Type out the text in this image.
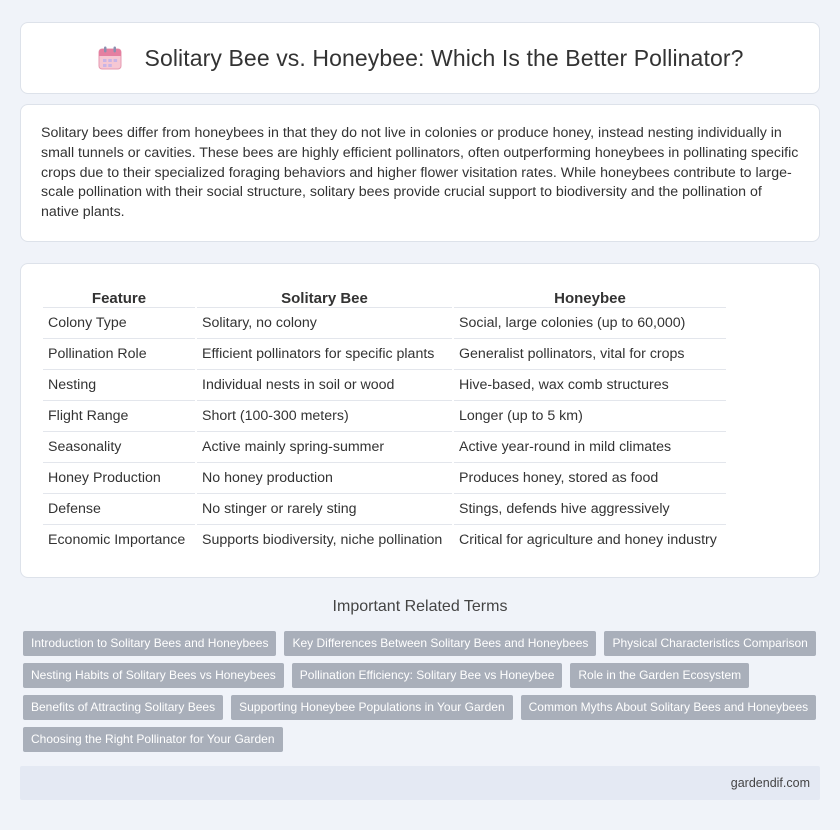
Solitary Bee vs. Honeybee: Which Is the Better Pollinator?

Solitary bees differ from honeybees in that they do not live in colonies or produce honey, instead nesting individually in small tunnels or cavities. These bees are highly efficient pollinators, often outperforming honeybees in pollinating specific crops due to their specialized foraging behaviors and higher flower visitation rates. While honeybees contribute to large-scale pollination with their social structure, solitary bees provide crucial support to biodiversity and the pollination of native plants.

Feature	Solitary Bee	Honeybee
Colony Type	Solitary, no colony	Social, large colonies (up to 60,000)
Pollination Role	Efficient pollinators for specific plants	Generalist pollinators, vital for crops
Nesting	Individual nests in soil or wood	Hive-based, wax comb structures
Flight Range	Short (100-300 meters)	Longer (up to 5 km)
Seasonality	Active mainly spring-summer	Active year-round in mild climates
Honey Production	No honey production	Produces honey, stored as food
Defense	No stinger or rarely sting	Stings, defends hive aggressively
Economic Importance	Supports biodiversity, niche pollination	Critical for agriculture and honey industry
Important Related Terms
Introduction to Solitary Bees and Honeybees	Key Differences Between Solitary Bees and Honeybees	Physical Characteristics Comparison
Nesting Habits of Solitary Bees vs Honeybees	Pollination Efficiency: Solitary Bee vs Honeybee	Role in the Garden Ecosystem
Benefits of Attracting Solitary Bees	Supporting Honeybee Populations in Your Garden	Common Myths About Solitary Bees and Honeybees
Choosing the Right Pollinator for Your Garden
gardendif.com
